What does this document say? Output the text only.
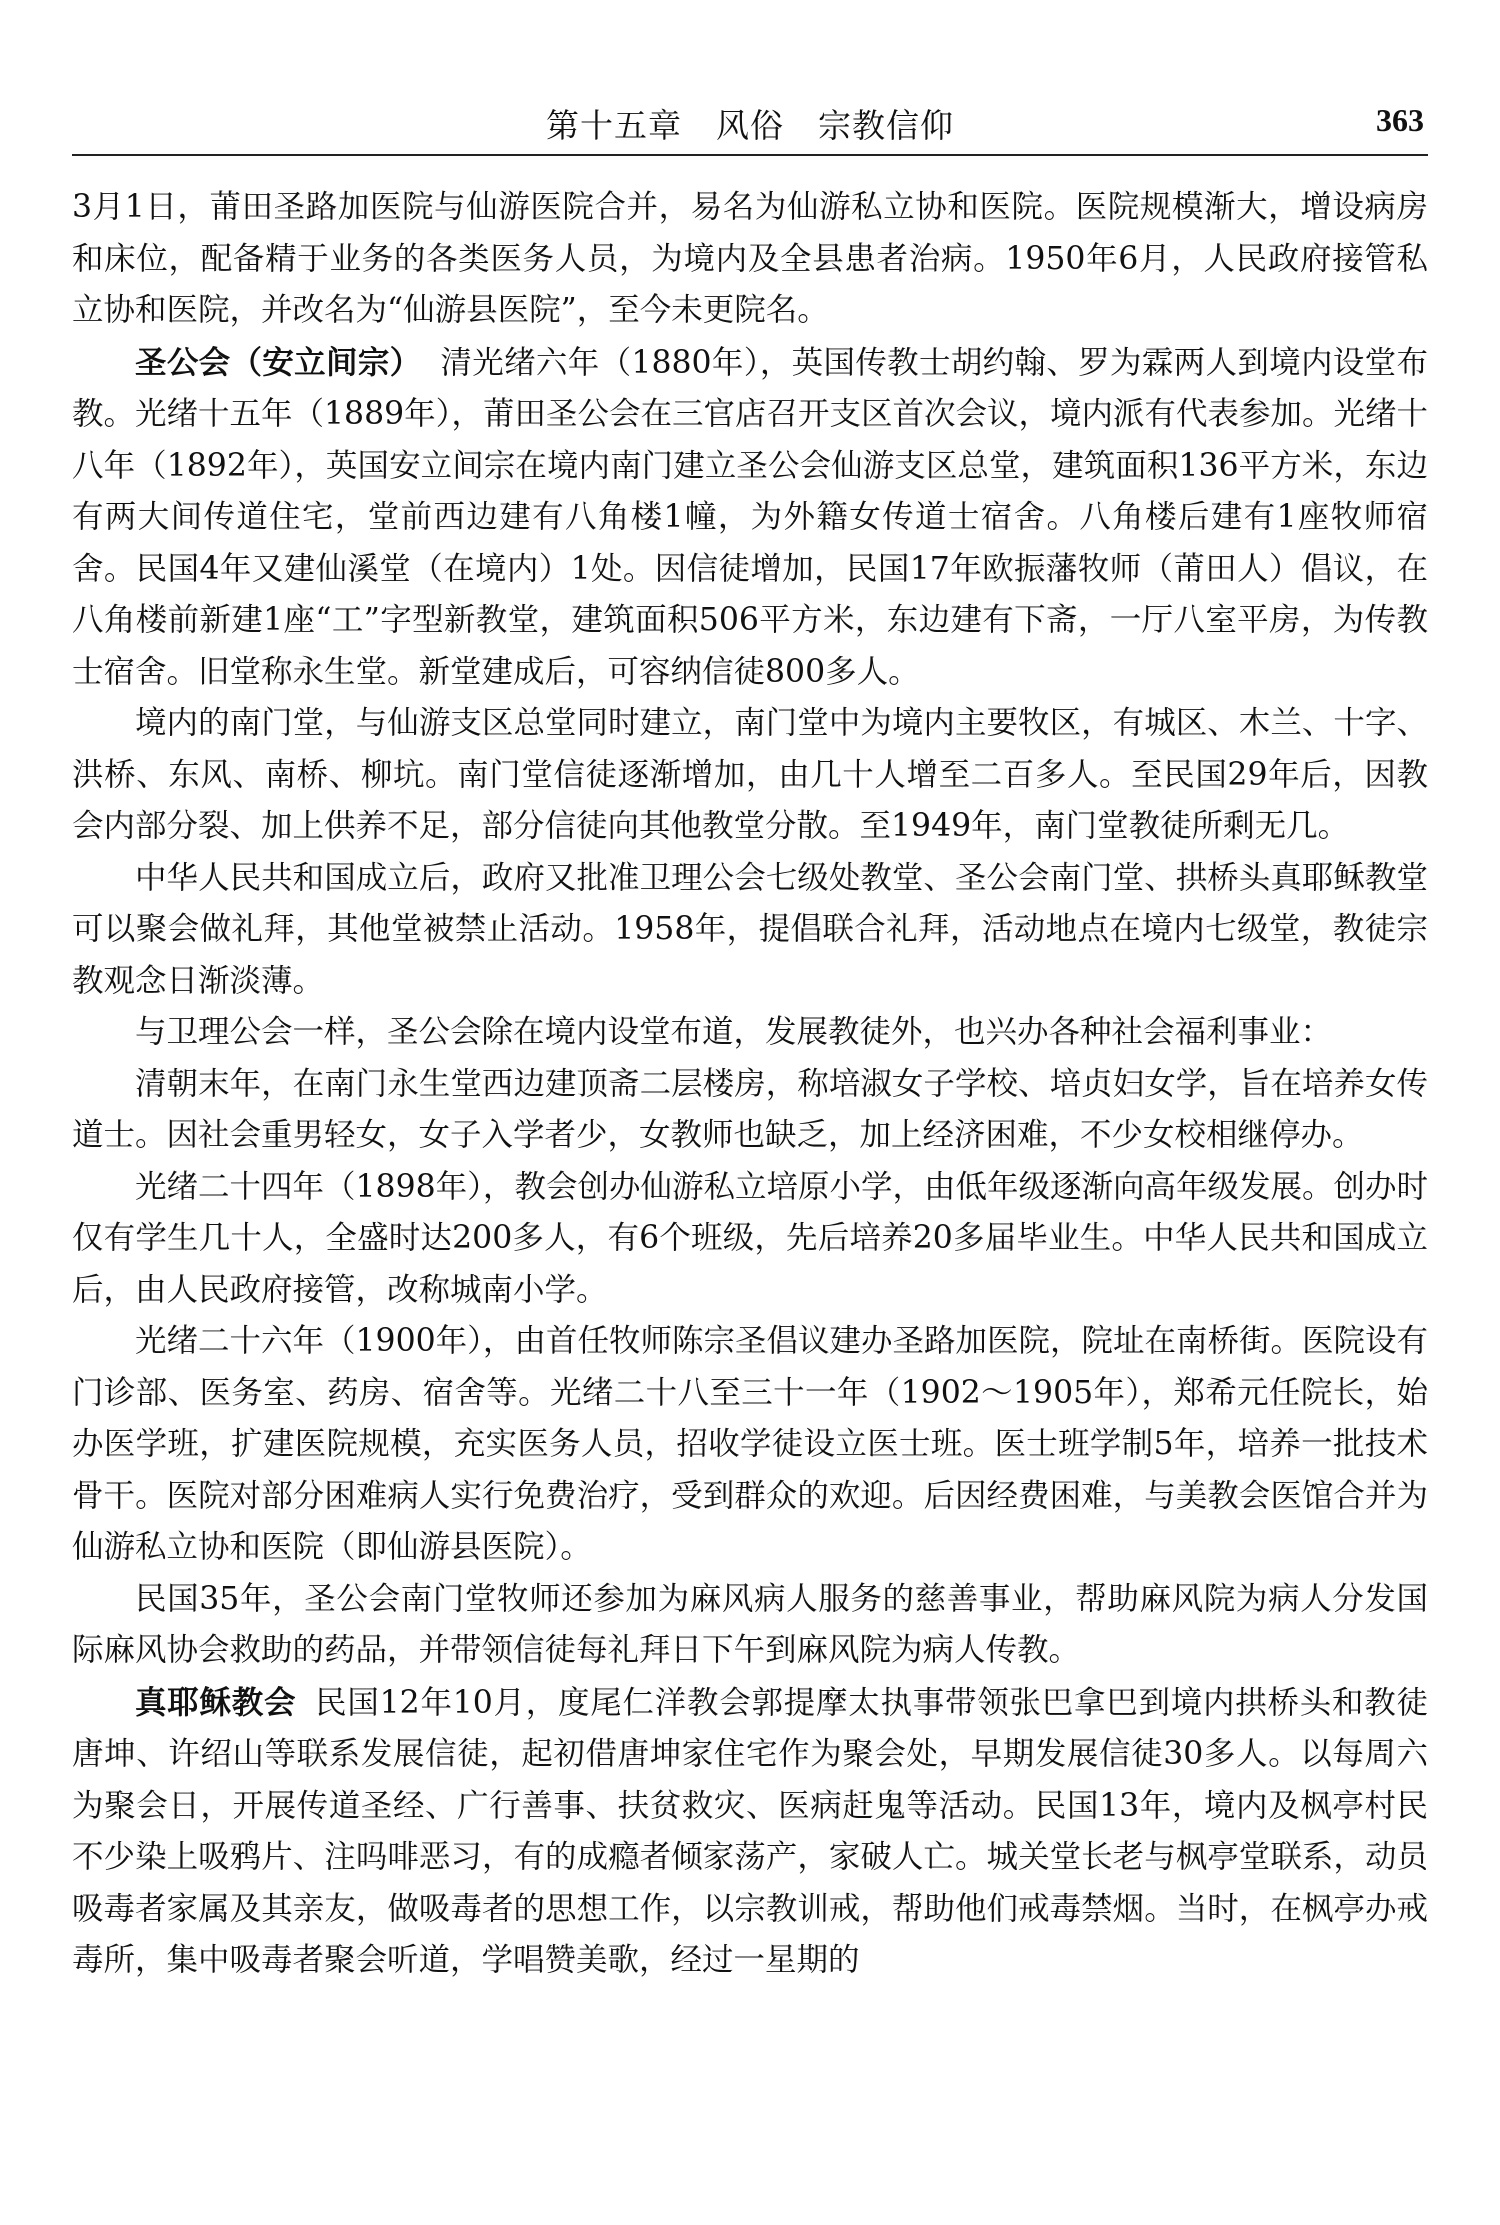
第十五章　风俗　宗教信仰	363

3月1日，莆田圣路加医院与仙游医院合并，易名为仙游私立协和医院。医院规模渐大，增设病房和床位，配备精于业务的各类医务人员，为境内及全县患者治病。1950年6月，人民政府接管私立协和医院，并改名为“仙游县医院”，至今未更院名。

圣公会（安立间宗） 清光绪六年（1880年），英国传教士胡约翰、罗为霖两人到境内设堂布教。光绪十五年（1889年），莆田圣公会在三官店召开支区首次会议，境内派有代表参加。光绪十八年（1892年），英国安立间宗在境内南门建立圣公会仙游支区总堂，建筑面积136平方米，东边有两大间传道住宅，堂前西边建有八角楼1幢，为外籍女传道士宿舍。八角楼后建有1座牧师宿舍。民国4年又建仙溪堂（在境内）1处。因信徒增加，民国17年欧振藩牧师（莆田人）倡议，在八角楼前新建1座“工”字型新教堂，建筑面积506平方米，东边建有下斋，一厅八室平房，为传教士宿舍。旧堂称永生堂。新堂建成后，可容纳信徒800多人。

境内的南门堂，与仙游支区总堂同时建立，南门堂中为境内主要牧区，有城区、木兰、十字、洪桥、东风、南桥、柳坑。南门堂信徒逐渐增加，由几十人增至二百多人。至民国29年后，因教会内部分裂、加上供养不足，部分信徒向其他教堂分散。至1949年，南门堂教徒所剩无几。

中华人民共和国成立后，政府又批准卫理公会七级处教堂、圣公会南门堂、拱桥头真耶稣教堂可以聚会做礼拜，其他堂被禁止活动。1958年，提倡联合礼拜，活动地点在境内七级堂，教徒宗教观念日渐淡薄。

与卫理公会一样，圣公会除在境内设堂布道，发展教徒外，也兴办各种社会福利事业：

清朝末年，在南门永生堂西边建顶斋二层楼房，称培淑女子学校、培贞妇女学，旨在培养女传道士。因社会重男轻女，女子入学者少，女教师也缺乏，加上经济困难，不少女校相继停办。

光绪二十四年（1898年），教会创办仙游私立培原小学，由低年级逐渐向高年级发展。创办时仅有学生几十人，全盛时达200多人，有6个班级，先后培养20多届毕业生。中华人民共和国成立后，由人民政府接管，改称城南小学。

光绪二十六年（1900年），由首任牧师陈宗圣倡议建办圣路加医院，院址在南桥街。医院设有门诊部、医务室、药房、宿舍等。光绪二十八至三十一年（1902～1905年），郑希元任院长，始办医学班，扩建医院规模，充实医务人员，招收学徒设立医士班。医士班学制5年，培养一批技术骨干。医院对部分困难病人实行免费治疗，受到群众的欢迎。后因经费困难，与美教会医馆合并为仙游私立协和医院（即仙游县医院）。

民国35年，圣公会南门堂牧师还参加为麻风病人服务的慈善事业，帮助麻风院为病人分发国际麻风协会救助的药品，并带领信徒每礼拜日下午到麻风院为病人传教。

真耶稣教会 民国12年10月，度尾仁洋教会郭提摩太执事带领张巴拿巴到境内拱桥头和教徒唐坤、许绍山等联系发展信徒，起初借唐坤家住宅作为聚会处，早期发展信徒30多人。以每周六为聚会日，开展传道圣经、广行善事、扶贫救灾、医病赶鬼等活动。民国13年，境内及枫亭村民不少染上吸鸦片、注吗啡恶习，有的成瘾者倾家荡产，家破人亡。城关堂长老与枫亭堂联系，动员吸毒者家属及其亲友，做吸毒者的思想工作，以宗教训戒，帮助他们戒毒禁烟。当时，在枫亭办戒毒所，集中吸毒者聚会听道，学唱赞美歌，经过一星期的
